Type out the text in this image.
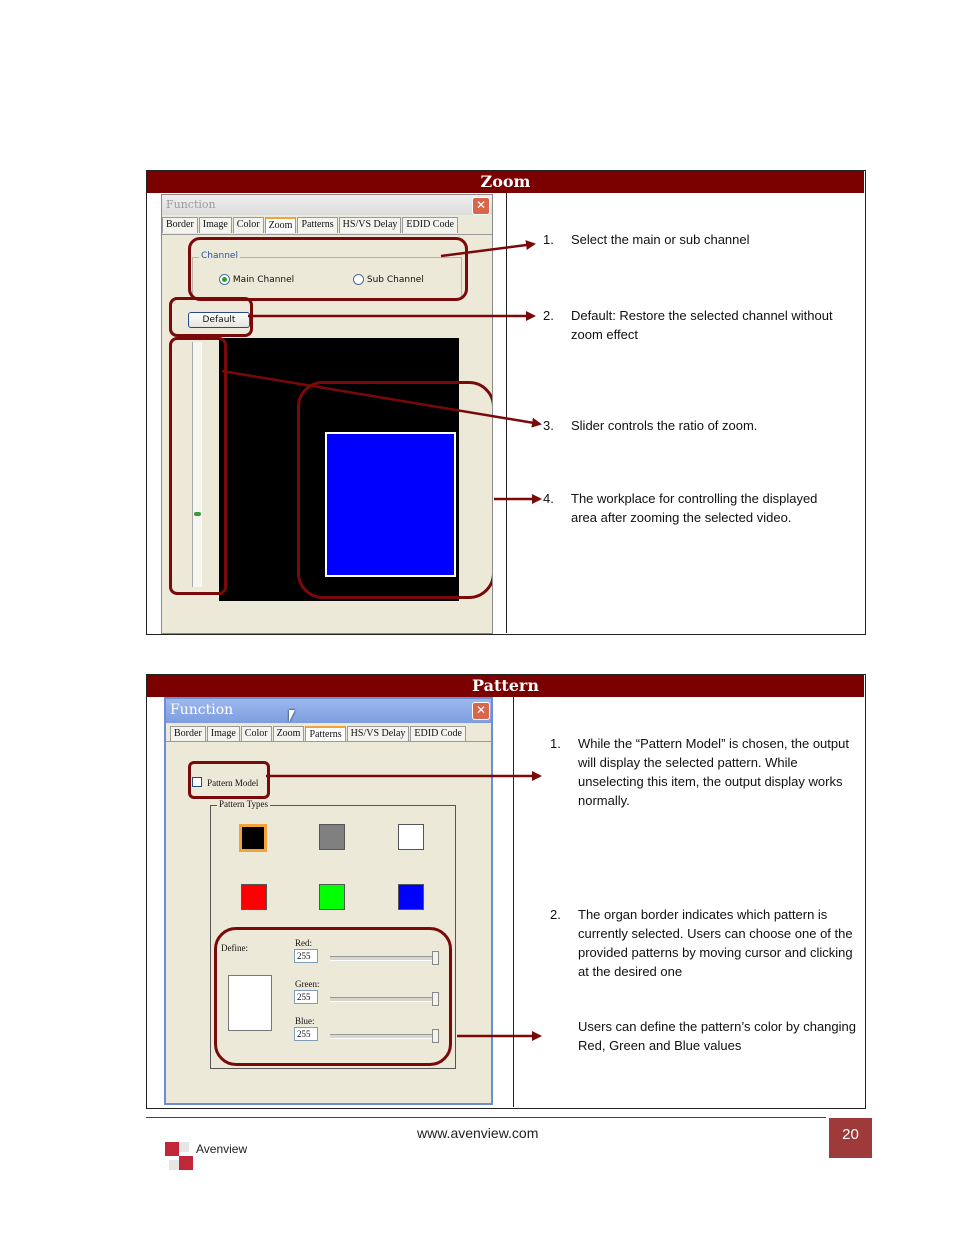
Zoom
Function	✕
Border Image Color Zoom Patterns HS/VS Delay EDID Code
Channel
Main Channel	Sub Channel
Default
1. Select the main or sub channel
2. Default: Restore the selected channel without zoom effect
3. Slider controls the ratio of zoom.
4. The workplace for controlling the displayed area after zooming the selected video.
Pattern
Function	✕
Border Image Color Zoom Patterns HS/VS Delay EDID Code
Pattern Model
Pattern Types
Define:	Red:
255
Green:
255
Blue:
255
1. While the “Pattern Model” is chosen, the output will display the selected pattern. While unselecting this item, the output display works normally.
2. The organ border indicates which pattern is currently selected. Users can choose one of the provided patterns by moving cursor and clicking at the desired one
Users can define the pattern’s color by changing Red, Green and Blue values
www.avenview.com	20
Avenview
